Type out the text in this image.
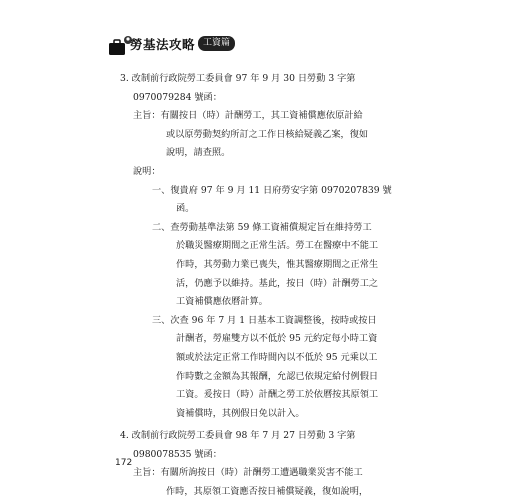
勞基法攻略 工資篇
3. 改制前行政院勞工委員會 97 年 9 月 30 日勞動 3 字第
0970079284 號函：
主旨：有關按日（時）計酬勞工，其工資補償應依原計給
或以原勞動契約所訂之工作日核給疑義乙案，復如
說明，請查照。
說明：
一、復貴府 97 年 9 月 11 日府勞安字第 0970207839 號
函。
二、查勞動基準法第 59 條工資補償規定旨在維持勞工
於職災醫療期間之正常生活。勞工在醫療中不能工
作時，其勞動力業已喪失，惟其醫療期間之正常生
活，仍應予以維持。基此，按日（時）計酬勞工之
工資補償應依曆計算。
三、次查 96 年 7 月 1 日基本工資調整後，按時或按日
計酬者，勞雇雙方以不低於 95 元約定每小時工資
額或於法定正常工作時間內以不低於 95 元乘以工
作時數之金額為其報酬，允認已依規定給付例假日
工資。爰按日（時）計酬之勞工於依曆按其原領工
資補償時，其例假日免以計入。
4. 改制前行政院勞工委員會 98 年 7 月 27 日勞動 3 字第
0980078535 號函：
主旨：有關所詢按日（時）計酬勞工遭遇職業災害不能工
作時，其原領工資應否按日補償疑義，復如說明，
172
